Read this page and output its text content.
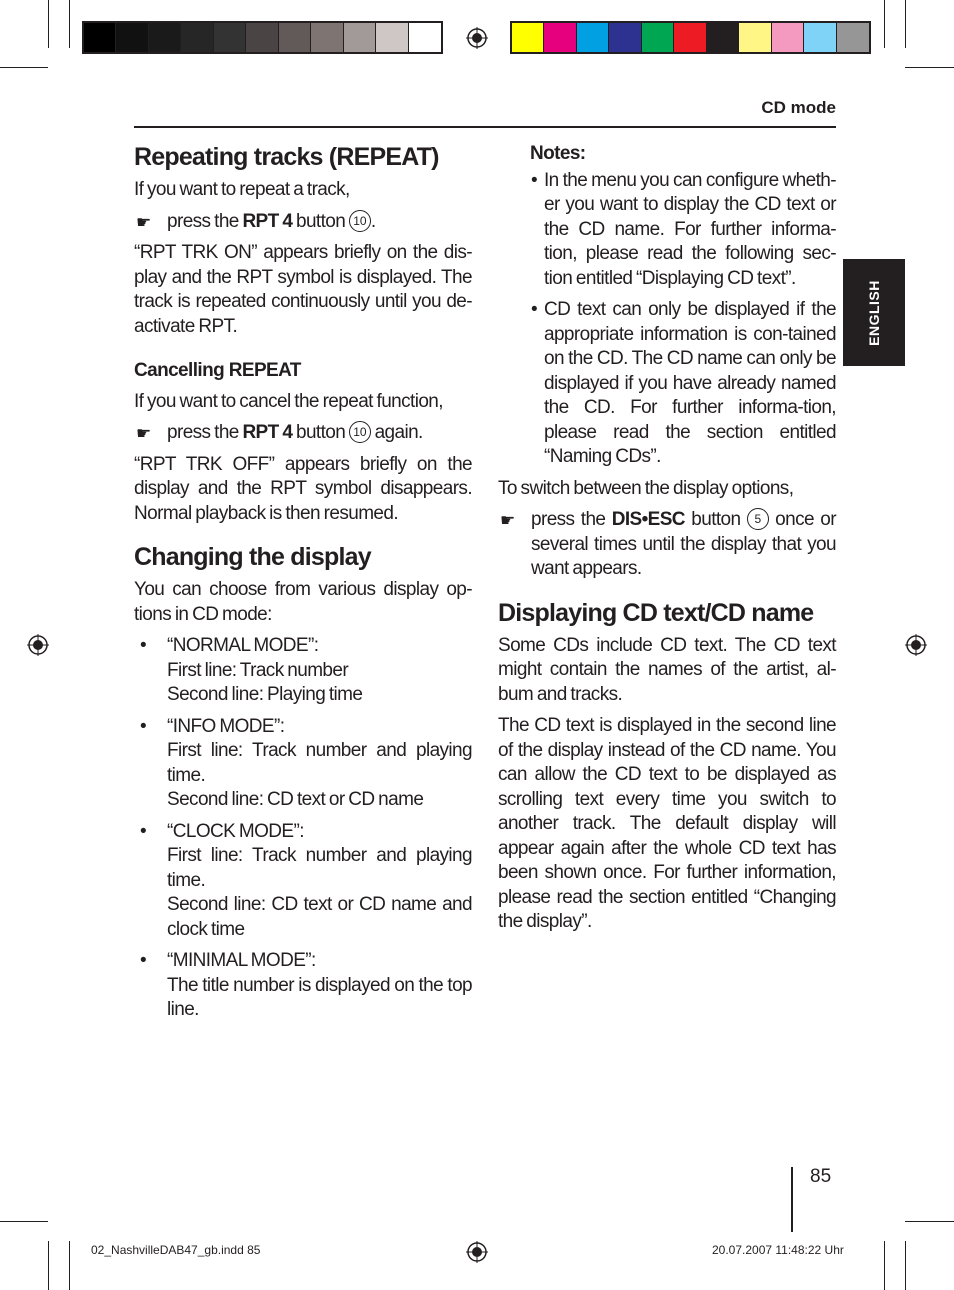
CD mode
ENGLISH
Repeating tracks (REPEAT)

If you want to repeat a track,

☛ press the RPT 4 button 10 .

“RPT TRK ON” appears briefly on the dis-play and the RPT symbol is displayed. The track is repeated continuously until you de-activate RPT.

Cancelling REPEAT

If you want to cancel the repeat function,

☛ press the RPT 4 button 10 again.

“RPT TRK OFF” appears briefly on the display and the RPT symbol disappears. Normal playback is then resumed.

Changing the display

You can choose from various display op-tions in CD mode:

• “NORMAL MODE”:
First line: Track number
Second line: Playing time
• “INFO MODE”:
First line: Track number and playing time.
Second line: CD text or CD name
• “CLOCK MODE”:
First line: Track number and playing time.
Second line: CD text or CD name and clock time
• “MINIMAL MODE”:
The title number is displayed on the top line.
Notes:
• In the menu you can configure wheth-er you want to display the CD text or the CD name. For further informa-tion, please read the following sec-tion entitled “Displaying CD text”.
• CD text can only be displayed if the appropriate information is con-tained on the CD. The CD name can only be displayed if you have already named the CD. For further informa-tion, please read the section entitled “Naming CDs”.

To switch between the display options,

☛ press the DIS•ESC button 5 once or several times until the display that you want appears.
Displaying CD text/CD name

Some CDs include CD text. The CD text might contain the names of the artist, al-bum and tracks.

The CD text is displayed in the second line of the display instead of the CD name. You can allow the CD text to be displayed as scrolling text every time you switch to another track. The default display will appear again after the whole CD text has been shown once. For further information, please read the section entitled “Changing the display”.

85
02_NashvilleDAB47_gb.indd 85	20.07.2007 11:48:22 Uhr
